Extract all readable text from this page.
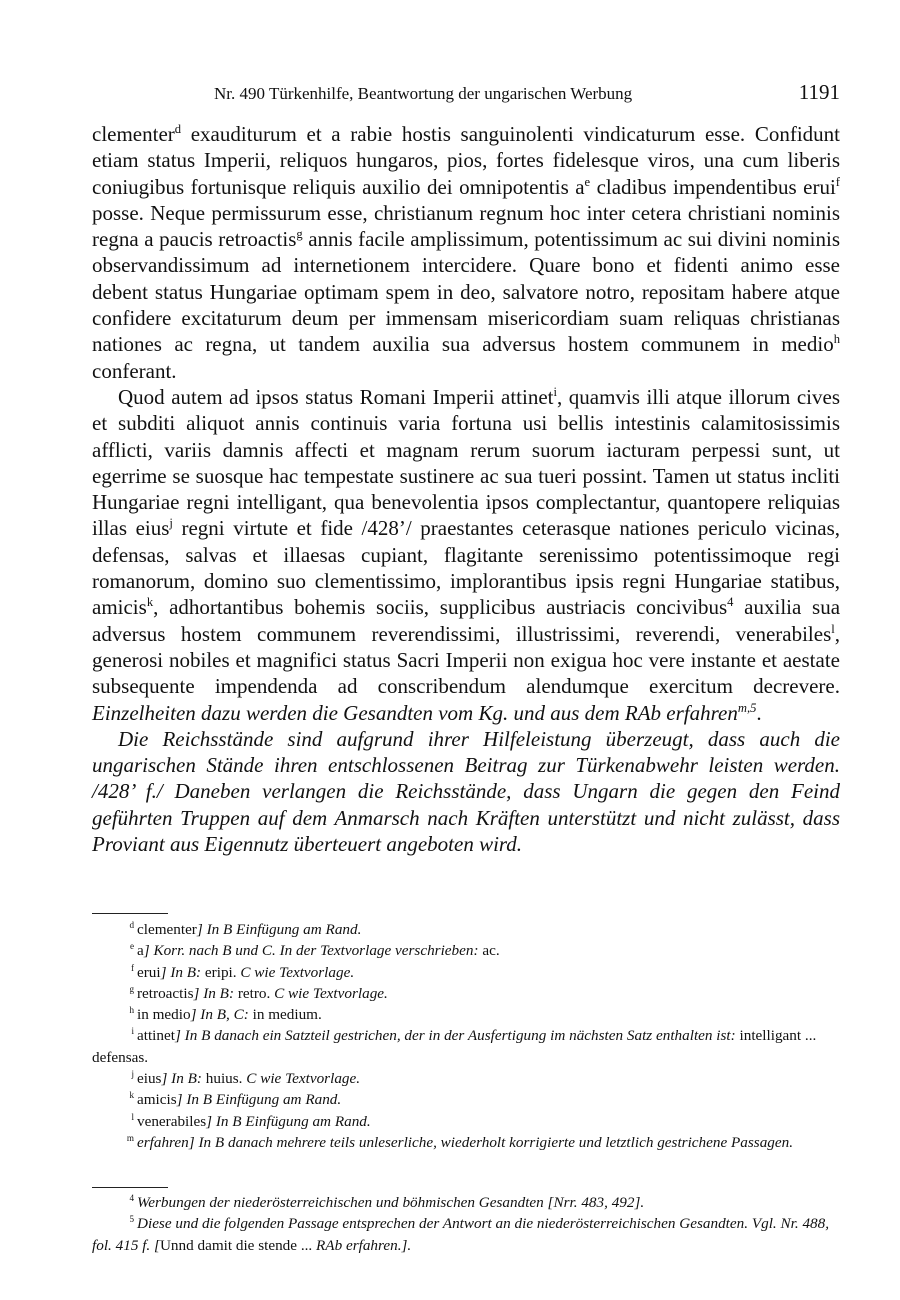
Nr. 490 Türkenhilfe, Beantwortung der ungarischen Werbung	1191

clementer$^d$ exauditurum et a rabie hostis sanguinolenti vindicaturum esse. Confidunt etiam status Imperii, reliquos hungaros, pios, fortes fidelesque viros, una cum liberis coniugibus fortunisque reliquis auxilio dei omnipotentis $a^e$ cladibus impendentibus erui$^f$ posse. Neque permissurum esse, christianum regnum hoc inter cetera christiani nominis regna a paucis retroactis$^g$ annis facile amplissimum, potentissimum ac sui divini nominis observandissimum ad internetionem intercidere. Quare bono et fidenti animo esse debent status Hungariae optimam spem in deo, salvatore notro, repositam habere atque confidere excitaturum deum per immensam misericordiam suam reliquas christianas nationes ac regna, ut tandem auxilia sua adversus hostem communem in medio$^h$ conferant.

Quod autem ad ipsos status Romani Imperii attinet$^i$, quamvis illi atque illorum cives et subditi aliquot annis continuis varia fortuna usi bellis intestinis calamitosissimis afflicti, variis damnis affecti et magnam rerum suorum iacturam perpessi sunt, ut egerrime se suosque hac tempestate sustinere ac sua tueri possint. Tamen ut status incliti Hungariae regni intelligant, qua benevolentia ipsos complectantur, quantopere reliquias illas eius$^j$ regni virtute et fide /428’/ praestantes ceterasque nationes periculo vicinas, defensas, salvas et illaesas cupiant, flagitante serenissimo potentissimoque regi romanorum, domino suo clementissimo, implorantibus ipsis regni Hungariae statibus, amicis$^k$, adhortantibus bohemis sociis, supplicibus austriacis concivibus$^4$ auxilia sua adversus hostem communem reverendissimi, illustrissimi, reverendi, venerabiles$^l$, generosi nobiles et magnifici status Sacri Imperii non exigua hoc vere instante et aestate subsequente impendenda ad conscribendum alendumque exercitum decrevere. Einzelheiten dazu werden die Gesandten vom Kg. und aus dem RAb erfahren$^{m,5}$.

Die Reichsstände sind aufgrund ihrer Hilfeleistung überzeugt, dass auch die ungarischen Stände ihren entschlossenen Beitrag zur Türkenabwehr leisten werden. /428’ f./ Daneben verlangen die Reichsstände, dass Ungarn die gegen den Feind geführten Truppen auf dem Anmarsch nach Kräften unterstützt und nicht zulässt, dass Proviant aus Eigennutz überteuert angeboten wird.

$^d$ clementer] In B Einfügung am Rand.
$^e$ a] Korr. nach B und C. In der Textvorlage verschrieben: ac.
$^f$ erui] In B: eripi. C wie Textvorlage.
$^g$ retroactis] In B: retro. C wie Textvorlage.
$^h$ in medio] In B, C: in medium.
$^i$ attinet] In B danach ein Satzteil gestrichen, der in der Ausfertigung im nächsten Satz enthalten ist: intelligant ... defensas.
$^j$ eius] In B: huius. C wie Textvorlage.
$^k$ amicis] In B Einfügung am Rand.
$^l$ venerabiles] In B Einfügung am Rand.
$^m$ erfahren] In B danach mehrere teils unleserliche, wiederholt korrigierte und letztlich gestrichene Passagen.
$^4$ Werbungen der niederösterreichischen und böhmischen Gesandten [Nrr. 483, 492].
$^5$ Diese und die folgenden Passage entsprechen der Antwort an die niederösterreichischen Gesandten. Vgl. Nr. 488, fol. 415 f. [Unnd damit die stende ... RAb erfahren.].
